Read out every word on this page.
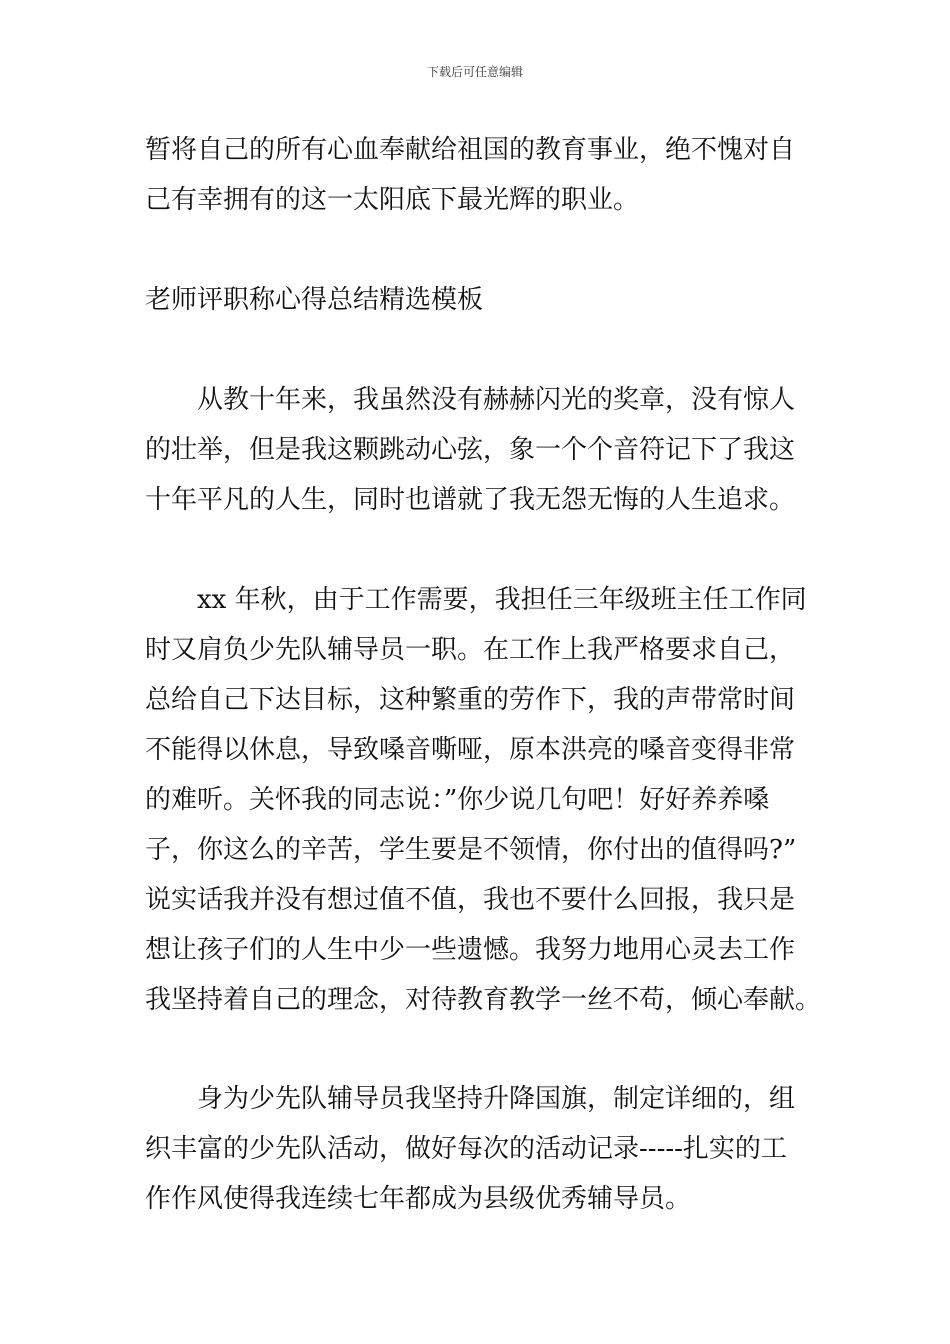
下载后可任意编辑
暂将自己的所有心血奉献给祖国的教育事业，绝不愧对自
己有幸拥有的这一太阳底下最光辉的职业。
老师评职称心得总结精选模板
从教十年来，我虽然没有赫赫闪光的奖章，没有惊人
的壮举，但是我这颗跳动心弦，象一个个音符记下了我这
十年平凡的人生，同时也谱就了我无怨无悔的人生追求。
xx 年秋，由于工作需要，我担任三年级班主任工作同
时又肩负少先队辅导员一职。在工作上我严格要求自己，
总给自己下达目标，这种繁重的劳作下，我的声带常时间
不能得以休息，导致嗓音嘶哑，原本洪亮的嗓音变得非常
的难听。关怀我的同志说：”你少说几句吧！好好养养嗓
子，你这么的辛苦，学生要是不领情，你付出的值得吗?”
说实话我并没有想过值不值，我也不要什么回报，我只是
想让孩子们的人生中少一些遗憾。我努力地用心灵去工作
我坚持着自己的理念，对待教育教学一丝不苟，倾心奉献。
身为少先队辅导员我坚持升降国旗，制定详细的，组
织丰富的少先队活动，做好每次的活动记录-----扎实的工
作作风使得我连续七年都成为县级优秀辅导员。
